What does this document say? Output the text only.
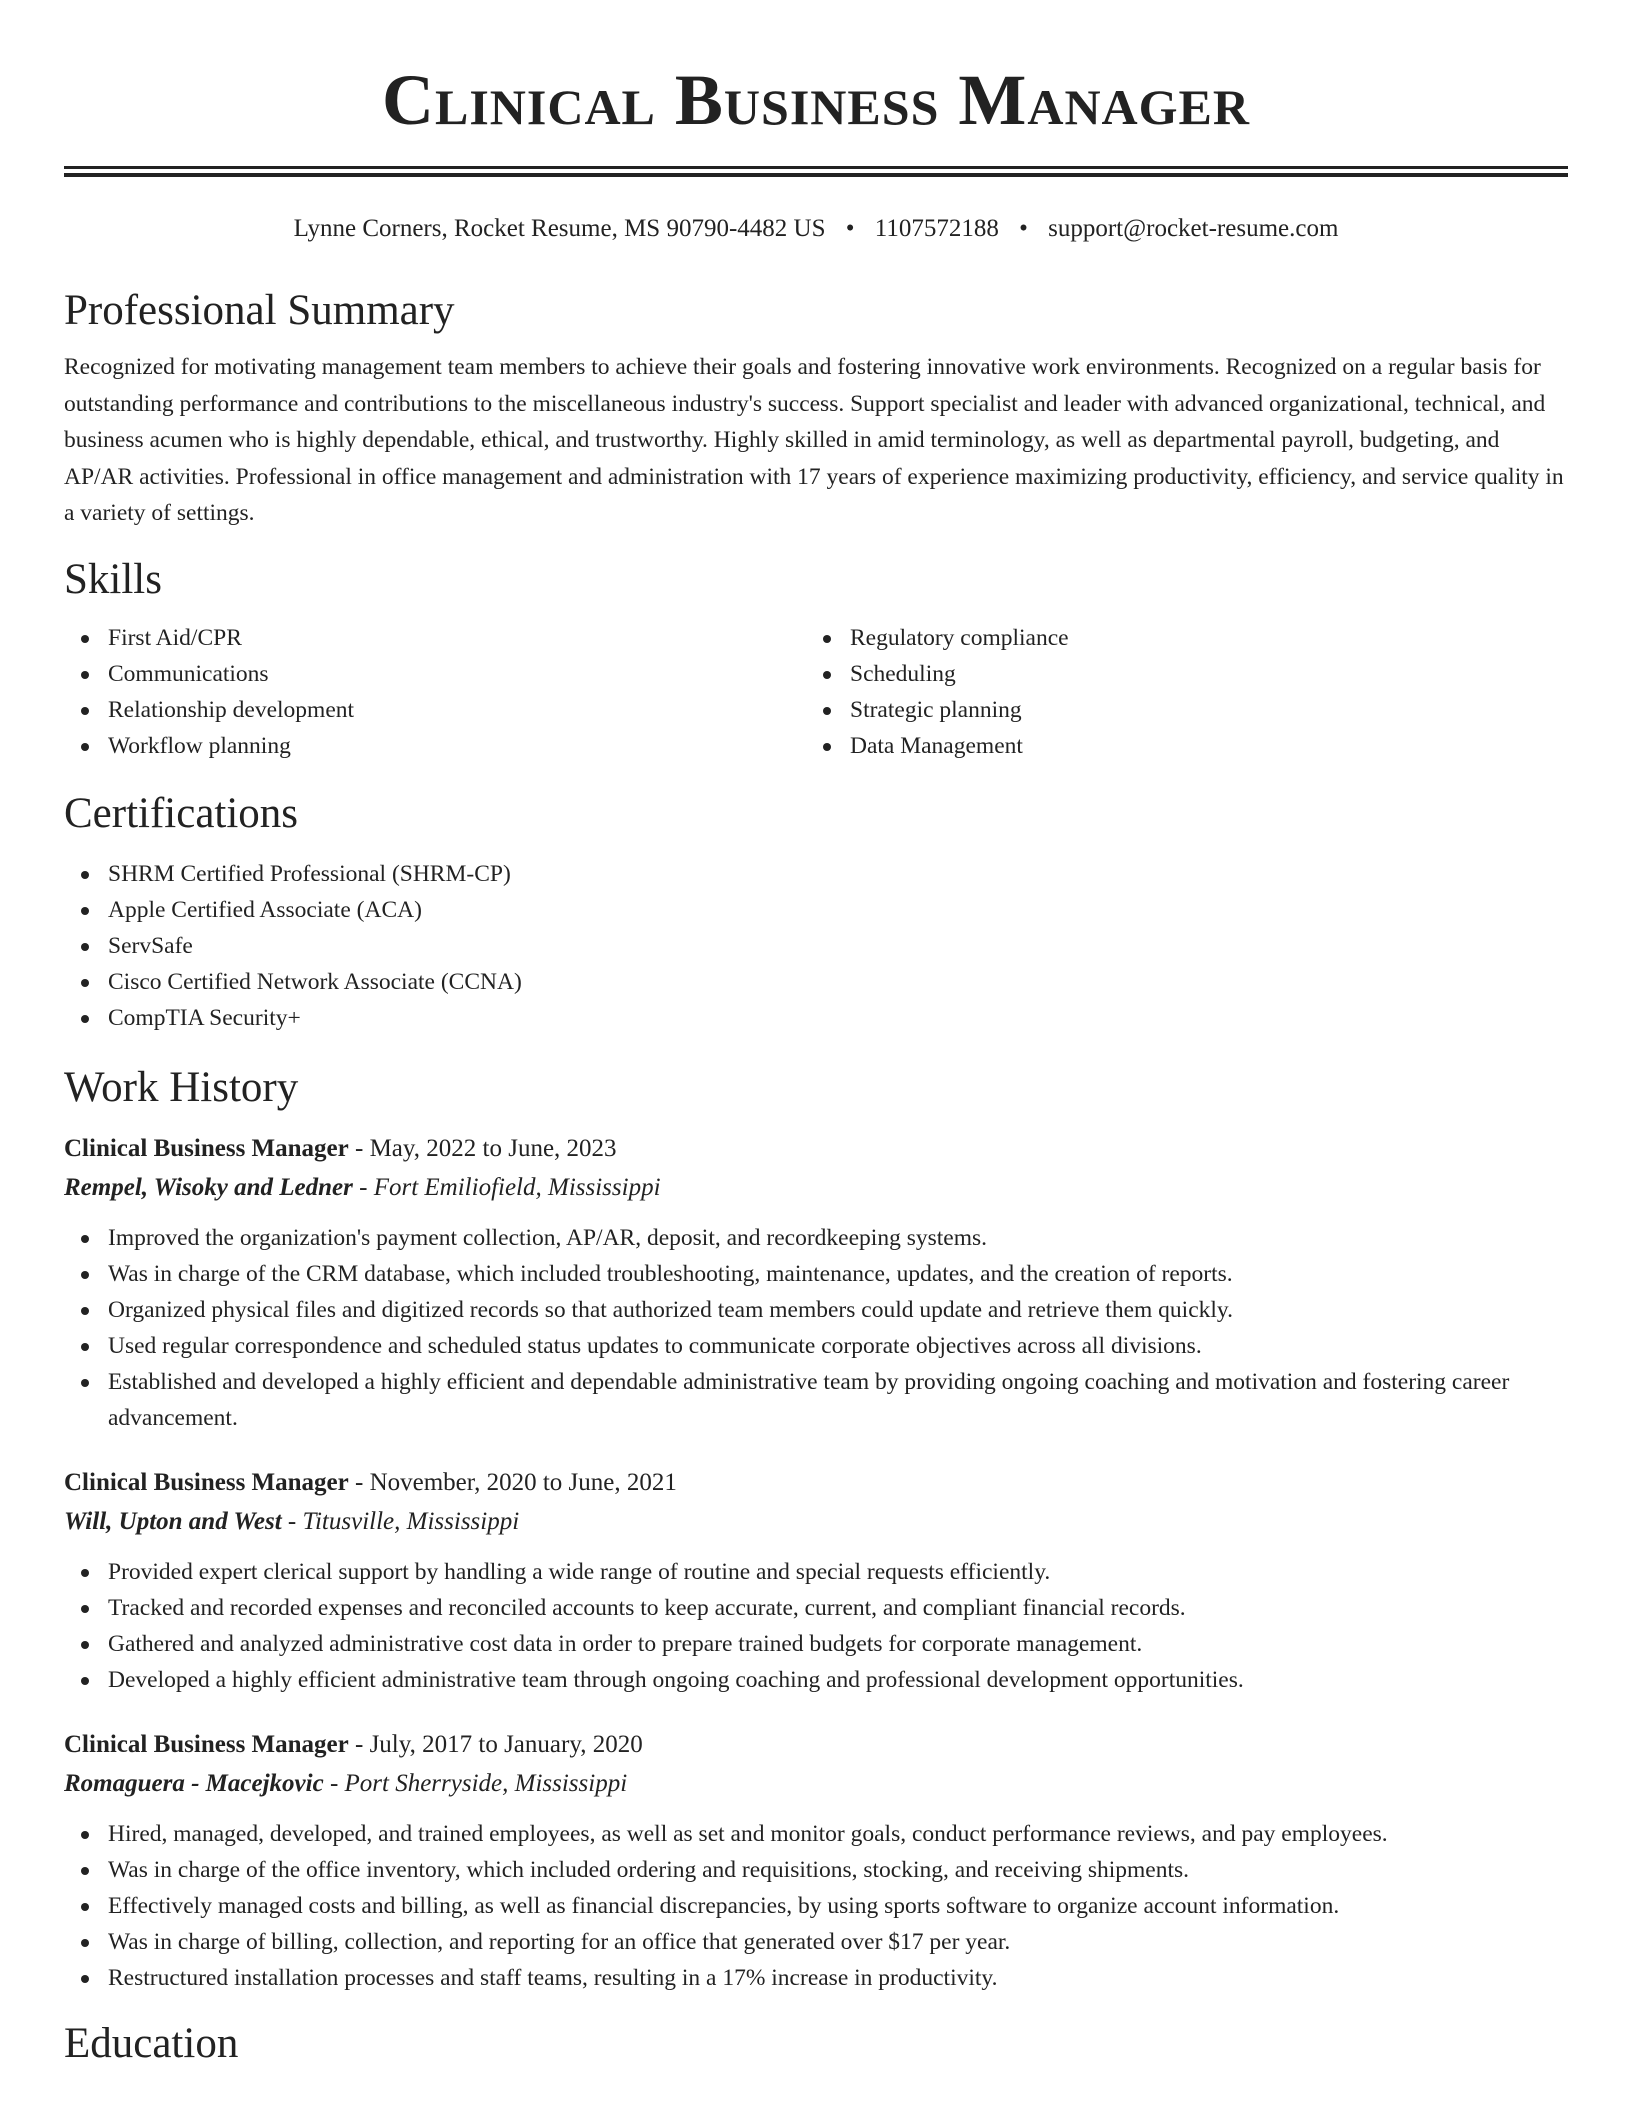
Clinical Business Manager
Lynne Corners, Rocket Resume, MS 90790-4482 US • 1107572188 • support@rocket-resume.com
Professional Summary

Recognized for motivating management team members to achieve their goals and fostering innovative work environments. Recognized on a regular basis for outstanding performance and contributions to the miscellaneous industry's success. Support specialist and leader with advanced organizational, technical, and business acumen who is highly dependable, ethical, and trustworthy. Highly skilled in amid terminology, as well as departmental payroll, budgeting, and AP/AR activities. Professional in office management and administration with 17 years of experience maximizing productivity, efficiency, and service quality in a variety of settings.

Skills
First Aid/CPR
Communications
Relationship development
Workflow planning
Regulatory compliance
Scheduling
Strategic planning
Data Management
Certifications
SHRM Certified Professional (SHRM-CP)
Apple Certified Associate (ACA)
ServSafe
Cisco Certified Network Associate (CCNA)
CompTIA Security+
Work History
Clinical Business Manager - May, 2022 to June, 2023
Rempel, Wisoky and Ledner - Fort Emiliofield, Mississippi
Improved the organization's payment collection, AP/AR, deposit, and recordkeeping systems.
Was in charge of the CRM database, which included troubleshooting, maintenance, updates, and the creation of reports.
Organized physical files and digitized records so that authorized team members could update and retrieve them quickly.
Used regular correspondence and scheduled status updates to communicate corporate objectives across all divisions.
Established and developed a highly efficient and dependable administrative team by providing ongoing coaching and motivation and fostering career advancement.
Clinical Business Manager - November, 2020 to June, 2021
Will, Upton and West - Titusville, Mississippi
Provided expert clerical support by handling a wide range of routine and special requests efficiently.
Tracked and recorded expenses and reconciled accounts to keep accurate, current, and compliant financial records.
Gathered and analyzed administrative cost data in order to prepare trained budgets for corporate management.
Developed a highly efficient administrative team through ongoing coaching and professional development opportunities.
Clinical Business Manager - July, 2017 to January, 2020
Romaguera - Macejkovic - Port Sherryside, Mississippi
Hired, managed, developed, and trained employees, as well as set and monitor goals, conduct performance reviews, and pay employees.
Was in charge of the office inventory, which included ordering and requisitions, stocking, and receiving shipments.
Effectively managed costs and billing, as well as financial discrepancies, by using sports software to organize account information.
Was in charge of billing, collection, and reporting for an office that generated over $17 per year.
Restructured installation processes and staff teams, resulting in a 17% increase in productivity.
Education
